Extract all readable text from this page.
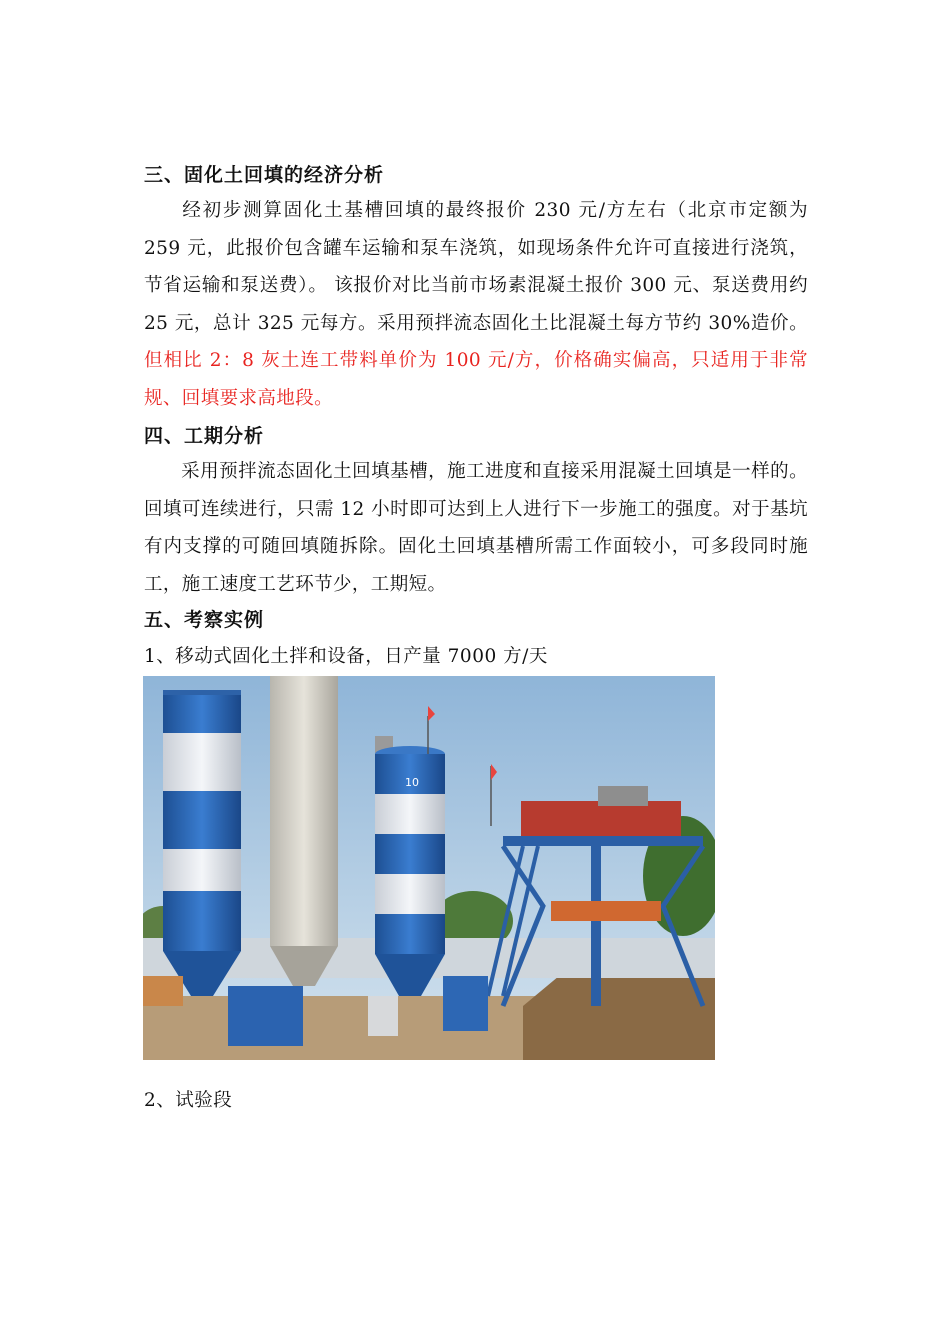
三、固化土回填的经济分析
经初步测算固化土基槽回填的最终报价 230 元/方左右（北京市定额为 259 元，此报价包含罐车运输和泵车浇筑，如现场条件允许可直接进行浇筑，节省运输和泵送费）。 该报价对比当前市场素混凝土报价 300 元、泵送费用约 25 元，总计 325 元每方。采用预拌流态固化土比混凝土每方节约 30%造价。但相比 2：8 灰土连工带料单价为 100 元/方，价格确实偏高，只适用于非常规、回填要求高地段。
四、工期分析
采用预拌流态固化土回填基槽，施工进度和直接采用混凝土回填是一样的。回填可连续进行，只需 12 小时即可达到上人进行下一步施工的强度。对于基坑有内支撑的可随回填随拆除。固化土回填基槽所需工作面较小，可多段同时施工，施工速度工艺环节少，工期短。
五、考察实例
1、移动式固化土拌和设备，日产量 7000 方/天
10
2、试验段
